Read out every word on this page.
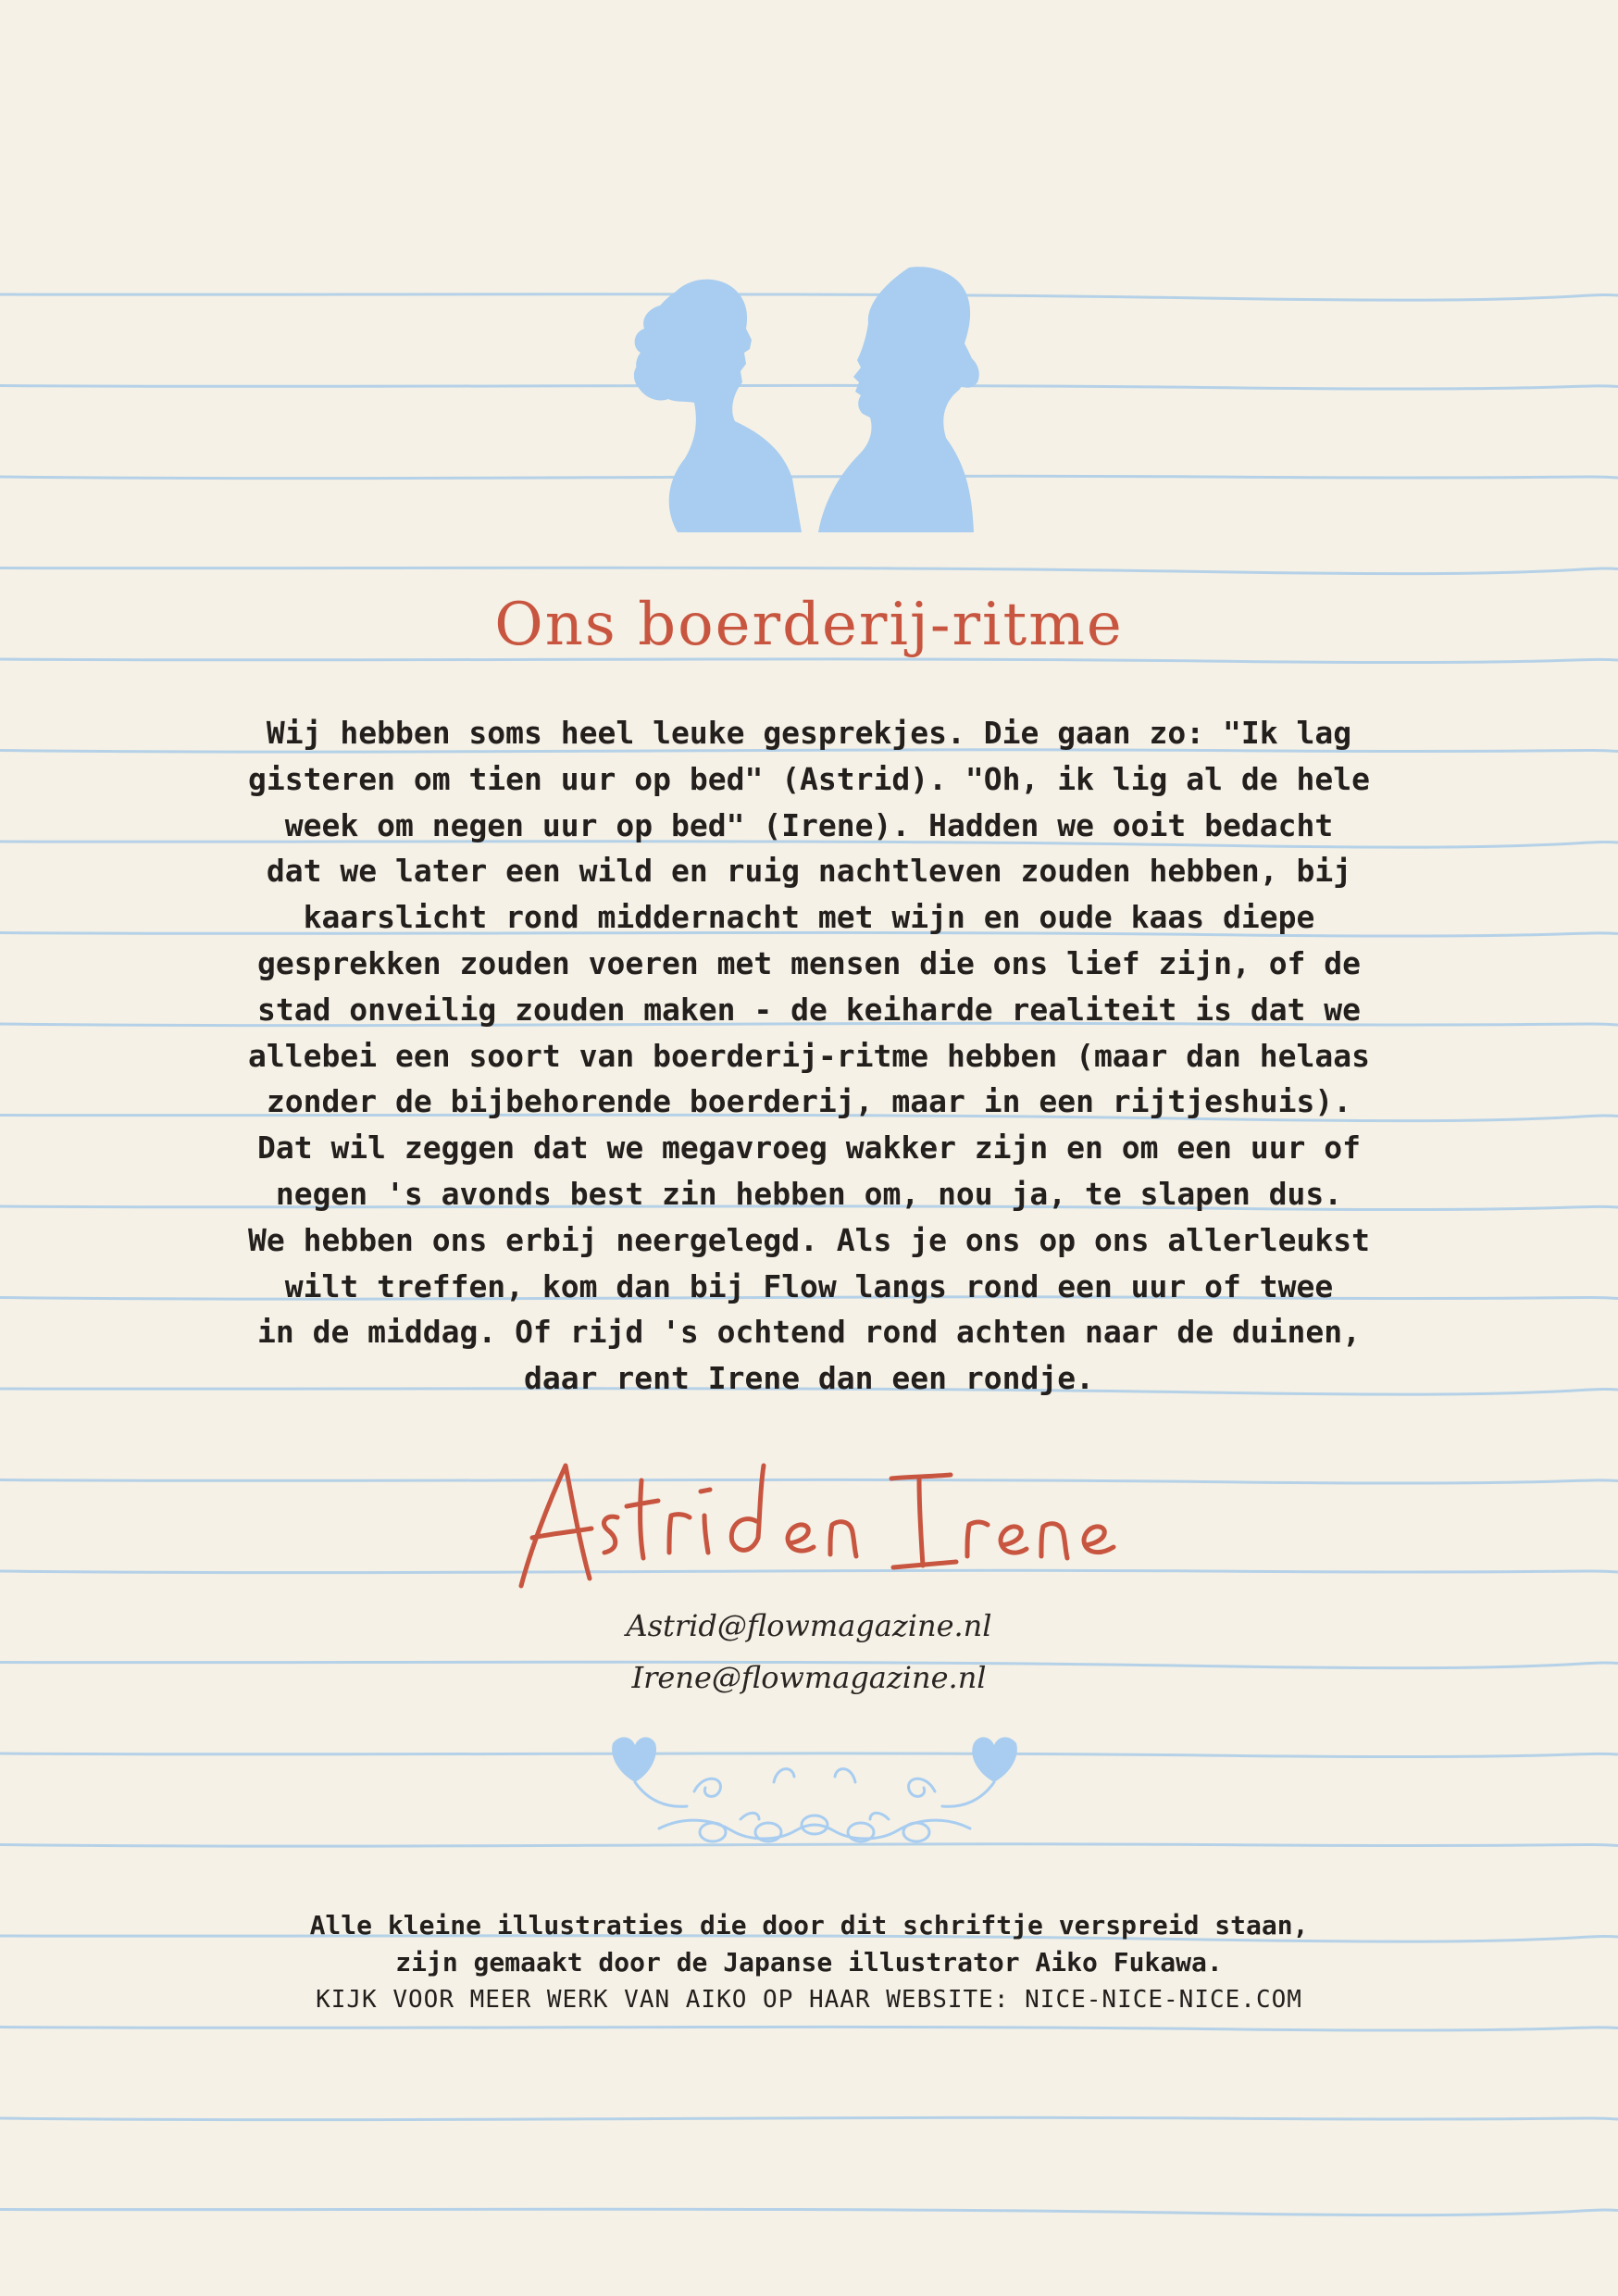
Ons boerderij-ritme
Wij hebben soms heel leuke gesprekjes. Die gaan zo: "Ik lag
gisteren om tien uur op bed" (Astrid). "Oh, ik lig al de hele
week om negen uur op bed" (Irene). Hadden we ooit bedacht
dat we later een wild en ruig nachtleven zouden hebben, bij
kaarslicht rond middernacht met wijn en oude kaas diepe
gesprekken zouden voeren met mensen die ons lief zijn, of de
stad onveilig zouden maken - de keiharde realiteit is dat we
allebei een soort van boerderij-ritme hebben (maar dan helaas
zonder de bijbehorende boerderij, maar in een rijtjeshuis).
Dat wil zeggen dat we megavroeg wakker zijn en om een uur of
negen 's avonds best zin hebben om, nou ja, te slapen dus.
We hebben ons erbij neergelegd. Als je ons op ons allerleukst
wilt treffen, kom dan bij Flow langs rond een uur of twee
in de middag. Of rijd 's ochtend rond achten naar de duinen,
daar rent Irene dan een rondje.
Astrid@flowmagazine.nl
Irene@flowmagazine.nl
Alle kleine illustraties die door dit schriftje verspreid staan,
zijn gemaakt door de Japanse illustrator Aiko Fukawa.
KIJK VOOR MEER WERK VAN AIKO OP HAAR WEBSITE: NICE-NICE-NICE.COM
